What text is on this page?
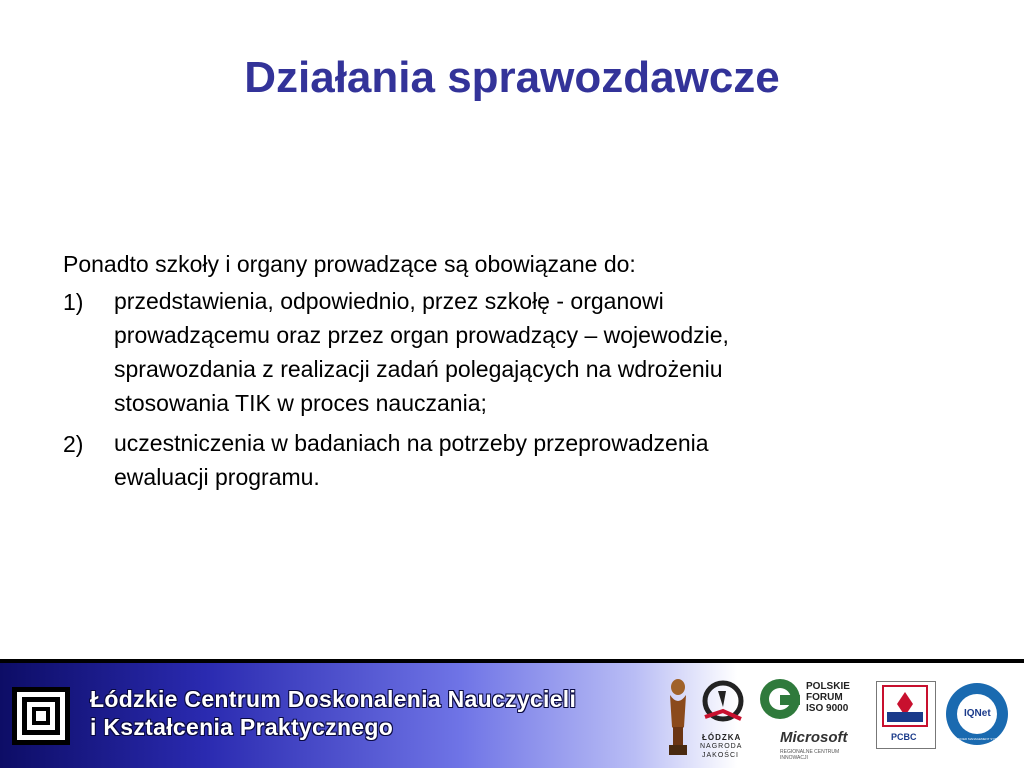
Działania sprawozdawcze
Ponadto szkoły i organy prowadzące są obowiązane do:
1) przedstawienia, odpowiednio, przez szkołę - organowi
prowadzącemu oraz przez organ prowadzący – wojewodzie,
sprawozdania z realizacji zadań polegających na wdrożeniu
stosowania TIK w proces nauczania;
2) uczestniczenia w badaniach na potrzeby przeprowadzenia
ewaluacji programu.
Łódzkie Centrum Doskonalenia Nauczycieli
i Kształcenia Praktycznego	ŁÓDZKA
NAGRODA
JAKOŚCI
POLSKIE
FORUM
ISO 9000
Microsoft
REGIONALNE CENTRUM INNOWACJI
PCBC
IQNet
CERTIFIED MANAGEMENT SYSTEM
